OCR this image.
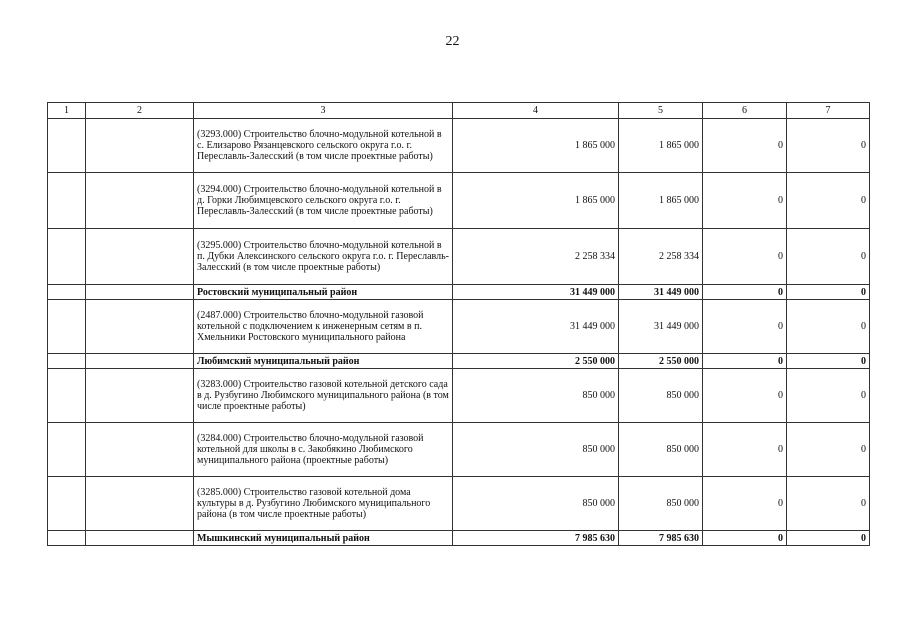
22
1	2	3	4	5	6	7
		(3293.000) Строительство блочно-модульной котельной в с. Елизарово Рязанцевского сельского округа г.о. г. Переславль-Залесский (в том числе проектные работы)	1 865 000	1 865 000	0	0
		(3294.000) Строительство блочно-модульной котельной в д. Горки Любимцевского сельского округа г.о. г. Переславль-Залесский (в том числе проектные работы)	1 865 000	1 865 000	0	0
		(3295.000) Строительство блочно-модульной котельной в п. Дубки Алексинского сельского округа г.о. г. Переславль-Залесский (в том числе проектные работы)	2 258 334	2 258 334	0	0
		Ростовский муниципальный район	31 449 000	31 449 000	0	0
		(2487.000) Строительство блочно-модульной газовой котельной с подключением к инженерным сетям в п. Хмельники Ростовского муниципального района	31 449 000	31 449 000	0	0
		Любимский муниципальный район	2 550 000	2 550 000	0	0
		(3283.000) Строительство газовой котельной детского сада в д. Рузбугино Любимского муниципального района (в том числе проектные работы)	850 000	850 000	0	0
		(3284.000) Строительство блочно-модульной газовой котельной для школы в с. Закобякино Любимского муниципального района (проектные работы)	850 000	850 000	0	0
		(3285.000) Строительство газовой котельной дома культуры в д. Рузбугино Любимского муниципального района (в том числе проектные работы)	850 000	850 000	0	0
		Мышкинский муниципальный район	7 985 630	7 985 630	0	0
